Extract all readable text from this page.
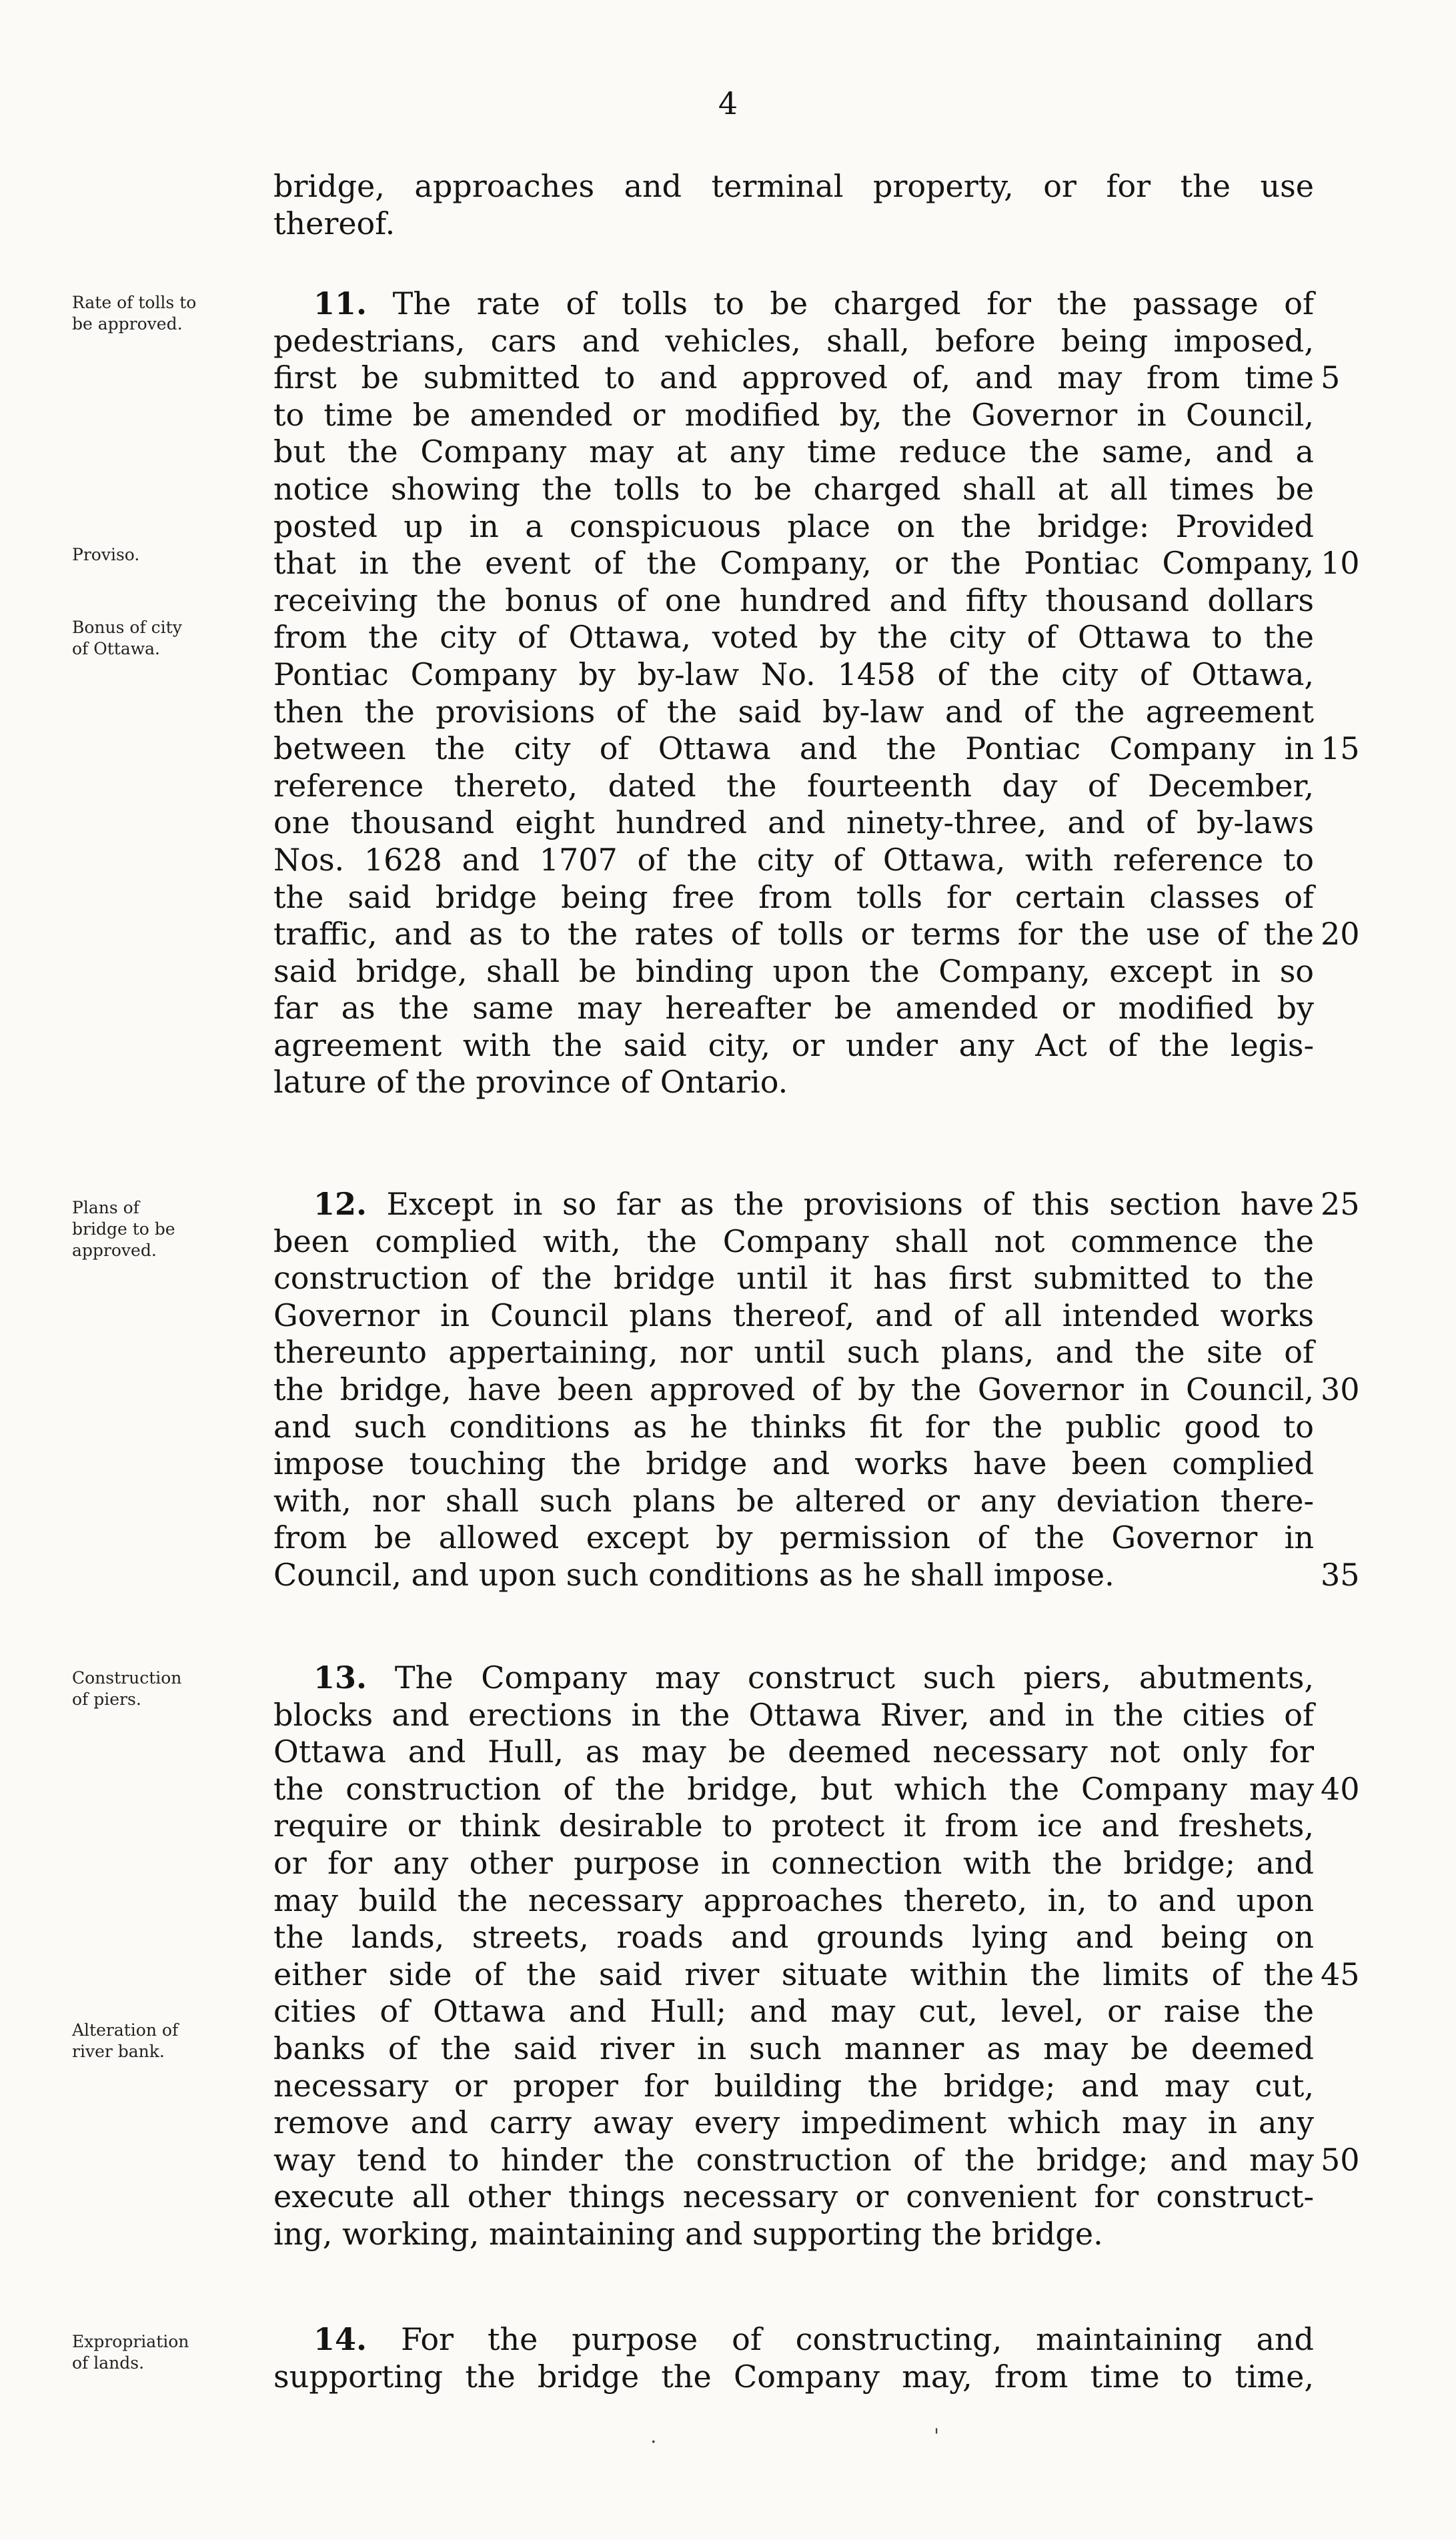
4
bridge, approaches and terminal property, or for the use
thereof.
11. The rate of tolls to be charged for the passage of
pedestrians, cars and vehicles, shall, before being imposed,
first be submitted to and approved of, and may from time
to time be amended or modified by, the Governor in Council,
but the Company may at any time reduce the same, and a
notice showing the tolls to be charged shall at all times be
posted up in a conspicuous place on the bridge: Provided
that in the event of the Company, or the Pontiac Company,
receiving the bonus of one hundred and fifty thousand dollars
from the city of Ottawa, voted by the city of Ottawa to the
Pontiac Company by by-law No. 1458 of the city of Ottawa,
then the provisions of the said by-law and of the agreement
between the city of Ottawa and the Pontiac Company in
reference thereto, dated the fourteenth day of December,
one thousand eight hundred and ninety-three, and of by-laws
Nos. 1628 and 1707 of the city of Ottawa, with reference to
the said bridge being free from tolls for certain classes of
traffic, and as to the rates of tolls or terms for the use of the
said bridge, shall be binding upon the Company, except in so
far as the same may hereafter be amended or modified by
agreement with the said city, or under any Act of the legis-
lature of the province of Ontario.
12. Except in so far as the provisions of this section have
been complied with, the Company shall not commence the
construction of the bridge until it has first submitted to the
Governor in Council plans thereof, and of all intended works
thereunto appertaining, nor until such plans, and the site of
the bridge, have been approved of by the Governor in Council,
and such conditions as he thinks fit for the public good to
impose touching the bridge and works have been complied
with, nor shall such plans be altered or any deviation there-
from be allowed except by permission of the Governor in
Council, and upon such conditions as he shall impose.
13. The Company may construct such piers, abutments,
blocks and erections in the Ottawa River, and in the cities of
Ottawa and Hull, as may be deemed necessary not only for
the construction of the bridge, but which the Company may
require or think desirable to protect it from ice and freshets,
or for any other purpose in connection with the bridge; and
may build the necessary approaches thereto, in, to and upon
the lands, streets, roads and grounds lying and being on
either side of the said river situate within the limits of the
cities of Ottawa and Hull; and may cut, level, or raise the
banks of the said river in such manner as may be deemed
necessary or proper for building the bridge; and may cut,
remove and carry away every impediment which may in any
way tend to hinder the construction of the bridge; and may
execute all other things necessary or convenient for construct-
ing, working, maintaining and supporting the bridge.
14. For the purpose of constructing, maintaining and
supporting the bridge the Company may, from time to time,
Rate of tolls to
be approved.
Proviso.
Bonus of city
of Ottawa.
Plans of
bridge to be
approved.
Construction
of piers.
Alteration of
river bank.
Expropriation
of lands.
5
10
15
20
25
30
35
40
45
50
.	'
